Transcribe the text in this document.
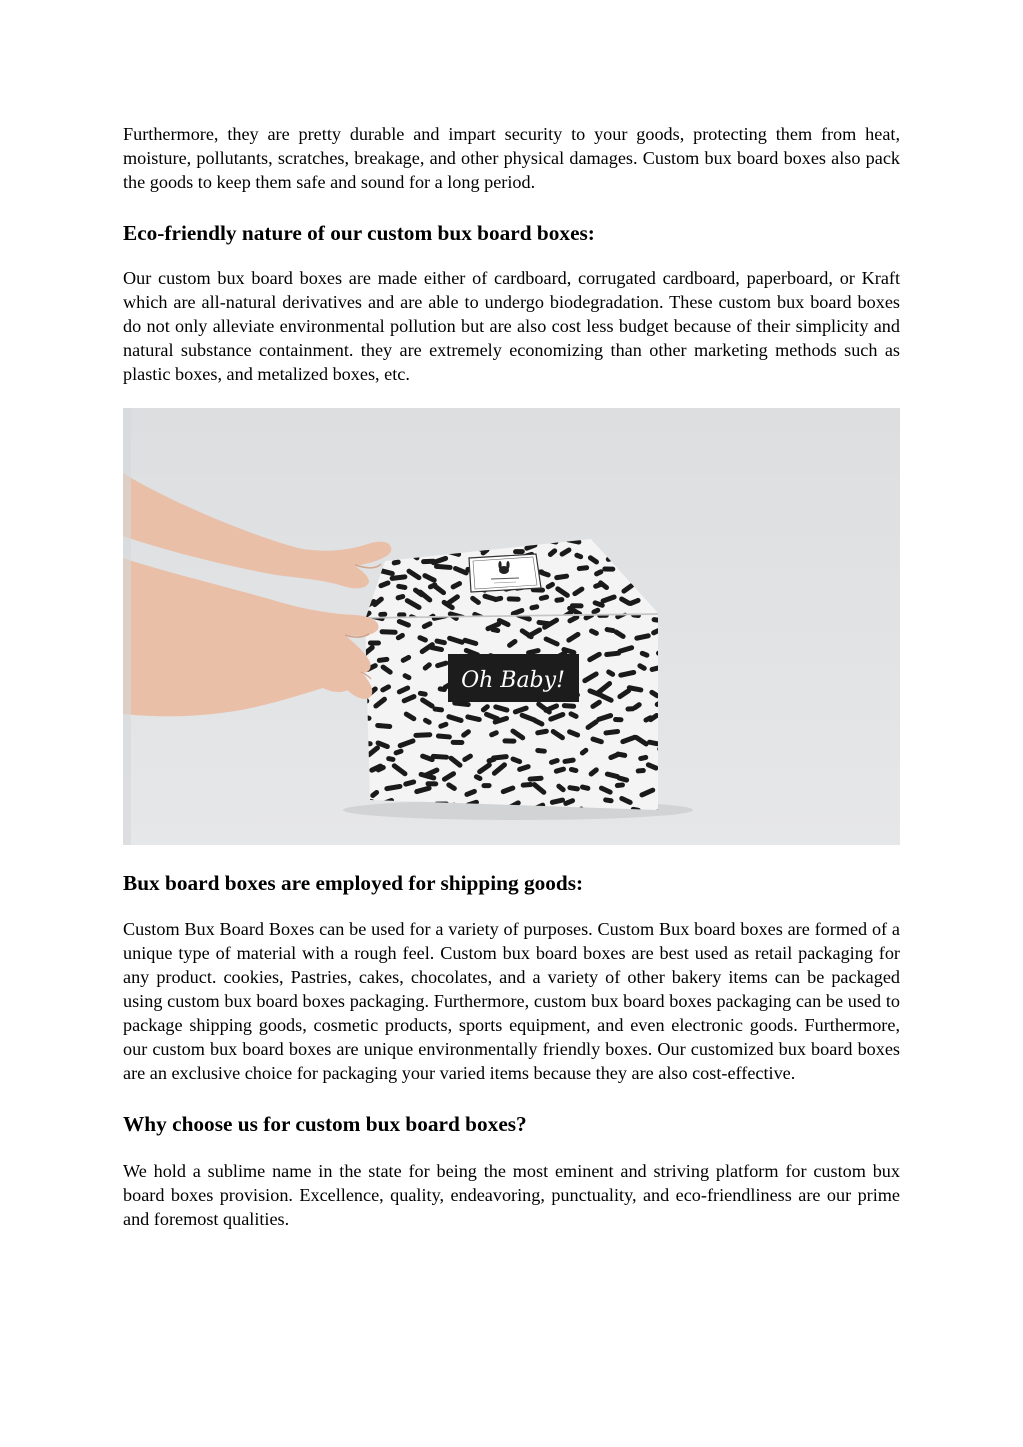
Furthermore, they are pretty durable and impart security to your goods, protecting them from heat, moisture, pollutants, scratches, breakage, and other physical damages. Custom bux board boxes also pack the goods to keep them safe and sound for a long period.

Eco-friendly nature of our custom bux board boxes:

Our custom bux board boxes are made either of cardboard, corrugated cardboard, paperboard, or Kraft which are all-natural derivatives and are able to undergo biodegradation. These custom bux board boxes do not only alleviate environmental pollution but are also cost less budget because of their simplicity and natural substance containment. they are extremely economizing than other marketing methods such as plastic boxes, and metalized boxes, etc.

Oh Baby!
Bux board boxes are employed for shipping goods:

Custom Bux Board Boxes can be used for a variety of purposes. Custom Bux board boxes are formed of a unique type of material with a rough feel. Custom bux board boxes are best used as retail packaging for any product. cookies, Pastries, cakes, chocolates, and a variety of other bakery items can be packaged using custom bux board boxes packaging. Furthermore, custom bux board boxes packaging can be used to package shipping goods, cosmetic products, sports equipment, and even electronic goods. Furthermore, our custom bux board boxes are unique environmentally friendly boxes. Our customized bux board boxes are an exclusive choice for packaging your varied items because they are also cost-effective.

Why choose us for custom bux board boxes?

We hold a sublime name in the state for being the most eminent and striving platform for custom bux board boxes provision. Excellence, quality, endeavoring, punctuality, and eco-friendliness are our prime and foremost qualities.
